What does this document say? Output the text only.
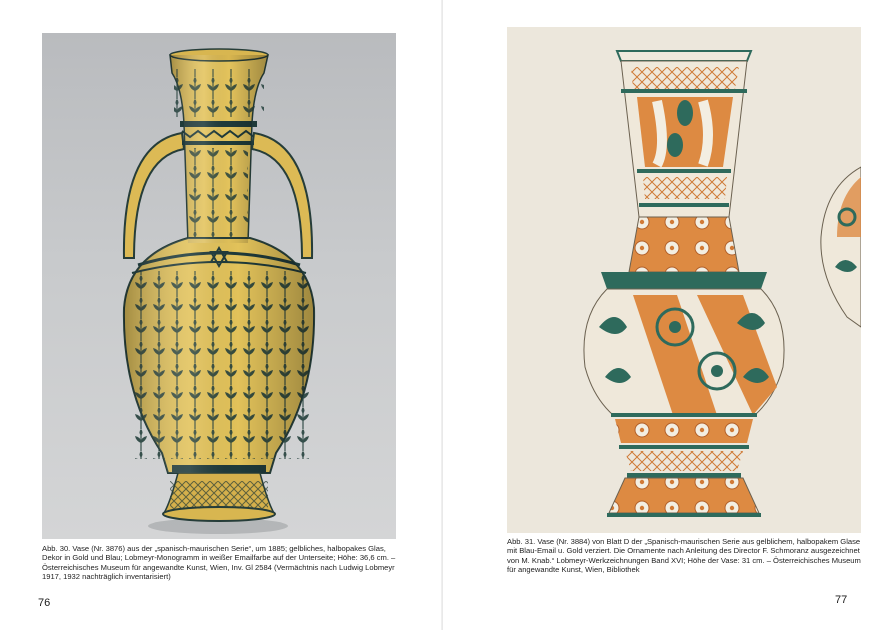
Abb. 30. Vase (Nr. 3876) aus der „spanisch-maurischen Serie“, um 1885; gelbliches, halbopakes Glas, Dekor in Gold und Blau; Lobmeyr-Monogramm in weißer Emailfarbe auf der Unterseite; Höhe: 36,6 cm. – Österreichisches Museum für angewandte Kunst, Wien, Inv. Gl 2584 (Vermächtnis nach Ludwig Lobmeyr 1917, 1932 nachträglich inventarisiert)

76

Abb. 31. Vase (Nr. 3884) von Blatt D der „Spanisch-maurischen Serie aus gelblichem, halbopakem Glase mit Blau-Email u. Gold verziert. Die Ornamente nach Anleitung des Director F. Schmoranz ausgezeichnet von M. Knab.“ Lobmeyr-Werkzeichnungen Band XVI; Höhe der Vase: 31 cm. – Österreichisches Museum für angewandte Kunst, Wien, Bibliothek

77
